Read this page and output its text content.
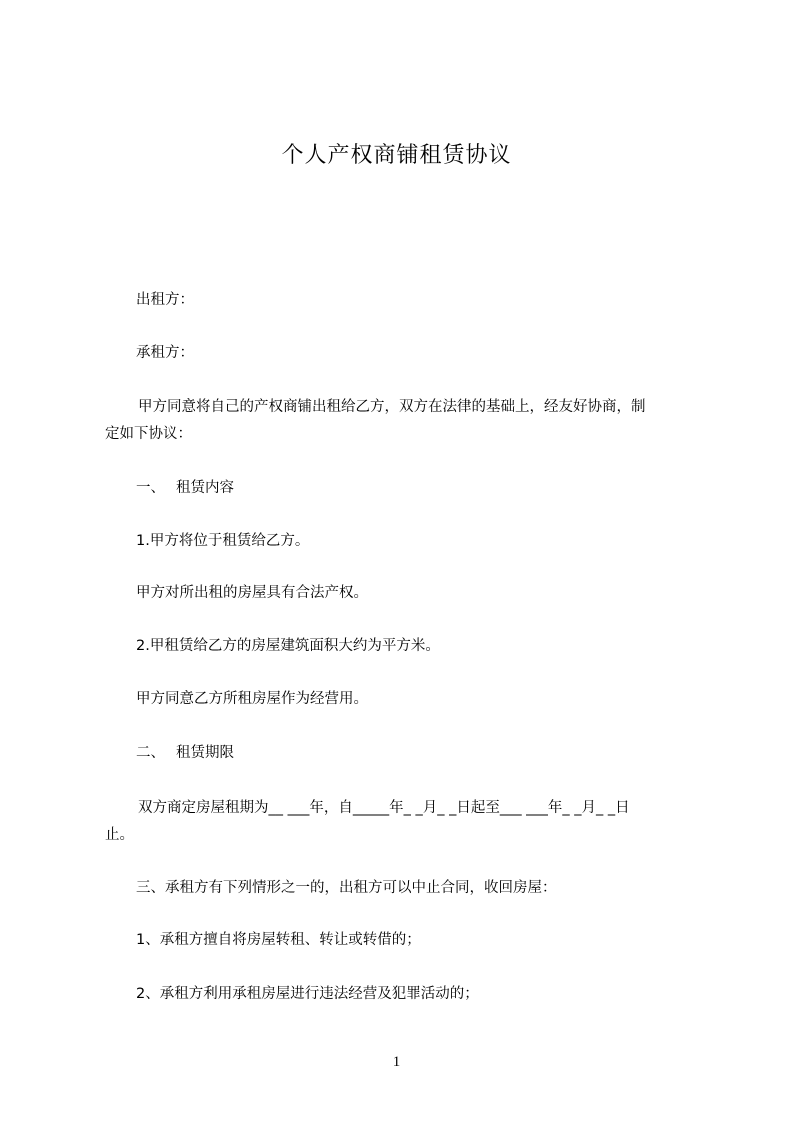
个人产权商铺租赁协议
出租方：
承租方：
甲方同意将自己的产权商铺出租给乙方，双方在法律的基础上，经友好协商，制
定如下协议：
一、 租赁内容
1.甲方将位于租赁给乙方。
甲方对所出租的房屋具有合法产权。
2.甲租赁给乙方的房屋建筑面积大约为平方米。
甲方同意乙方所租房屋作为经营用。
二、 租赁期限
双方商定房屋租期为__ ___年，自_____年_ _月_ _日起至___ ___年_ _月_ _日
止。
三、承租方有下列情形之一的，出租方可以中止合同，收回房屋：
1、承租方擅自将房屋转租、转让或转借的；
2、承租方利用承租房屋进行违法经营及犯罪活动的；
1
